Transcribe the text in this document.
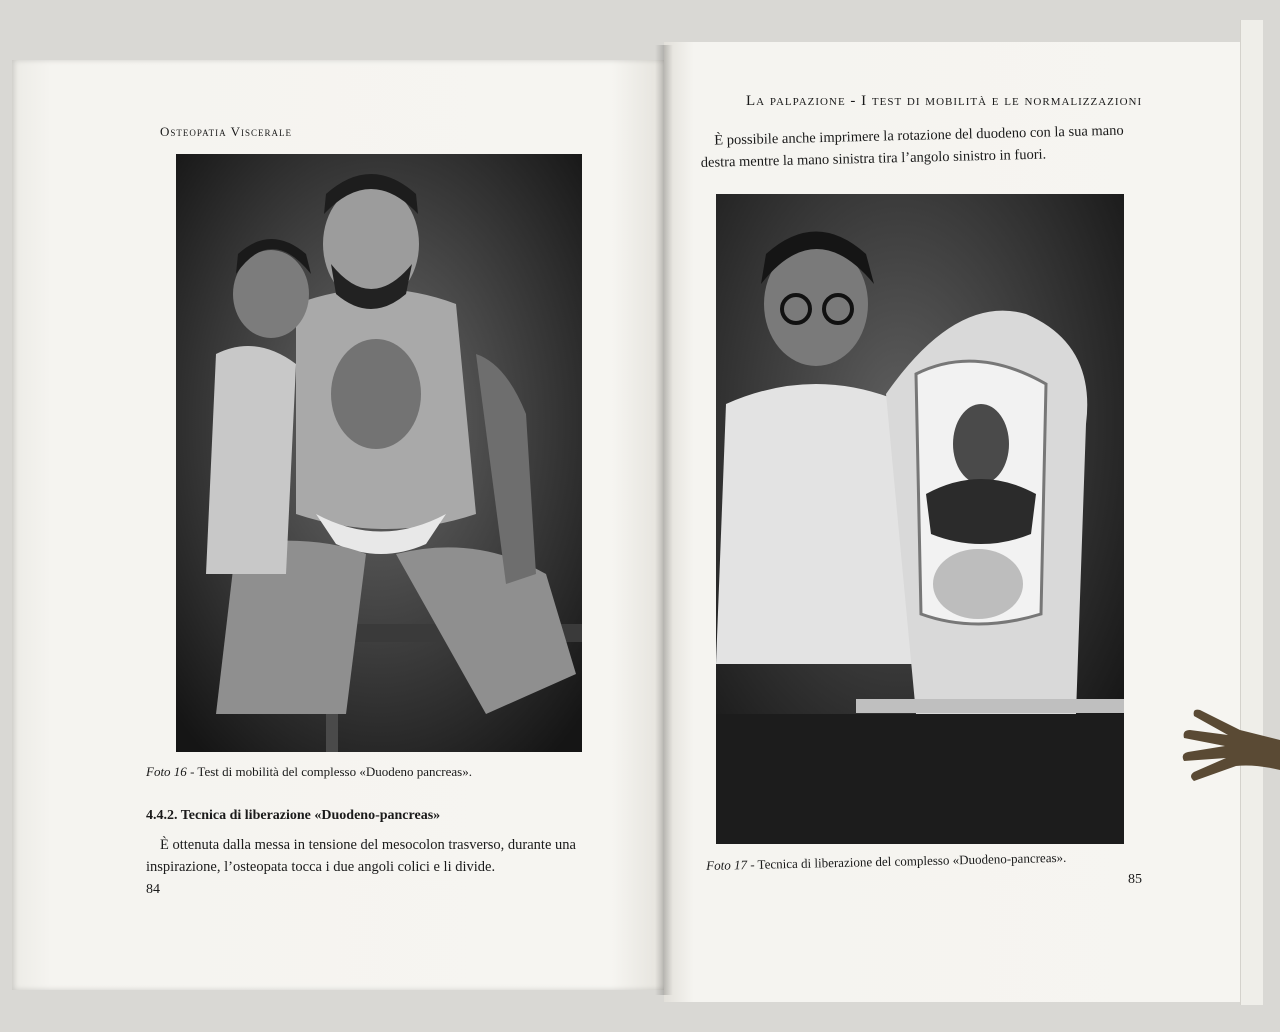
Osteopatia Viscerale
Foto 16 - Test di mobilità del complesso «Duodeno pancreas».
4.4.2. Tecnica di liberazione «Duodeno-pancreas»
È ottenuta dalla messa in tensione del mesocolon trasverso, durante una inspirazione, l’osteopata tocca i due angoli colici e li divide.
84
La palpazione - I test di mobilità e le normalizzazioni
È possibile anche imprimere la rotazione del duodeno con la sua mano destra mentre la mano sinistra tira l’angolo sinistro in fuori.
Foto 17 - Tecnica di liberazione del complesso «Duodeno-pancreas».
85
